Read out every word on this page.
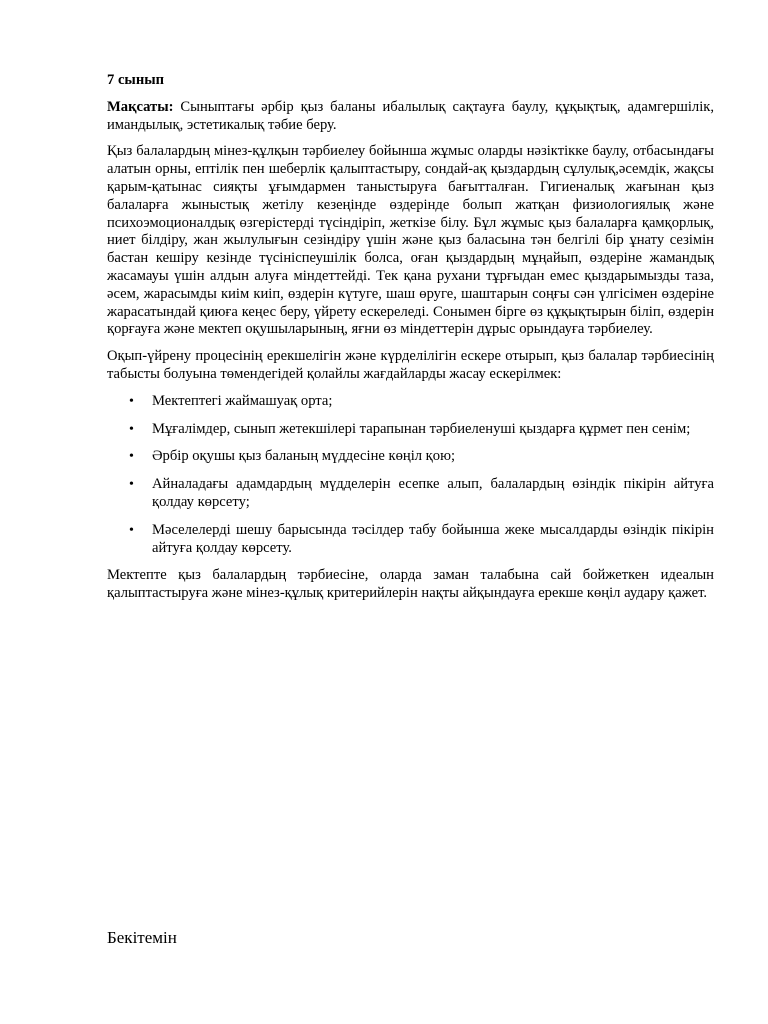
7 сынып

Мақсаты: Сыныптағы әрбір қыз баланы ибалылық сақтауға баулу, құқықтық, адамгершілік, имандылық, эстетикалық тәбие беру.

Қыз балалардың мінез-құлқын тәрбиелеу бойынша жұмыс оларды нәзіктікке баулу, отбасындағы алатын орны, ептілік пен шеберлік қалыптастыру, сондай-ақ қыздардың сұлулық,әсемдік, жақсы қарым-қатынас сияқты ұғымдармен таныстыруға бағытталған. Гигиеналық жағынан қыз балаларға жыныстық жетілу кезеңінде өздерінде болып жатқан физиологиялық және психоэмоционалдық өзгерістерді түсіндіріп, жеткізе білу. Бұл жұмыс қыз балаларға қамқорлық, ниет білдіру, жан жылулығын сезіндіру үшін және қыз баласына тән белгілі бір ұнату сезімін бастан кешіру кезінде түсініспеушілік болса, оған қыздардың мұңайып, өздеріне жамандық жасамауы үшін алдын алуға міндеттейді. Тек қана рухани тұрғыдан емес қыздарымызды таза, әсем, жарасымды киім киіп, өздерін күтуге, шаш өруге, шаштарын соңғы сән үлгісімен өздеріне жарасатындай қиюға кеңес беру, үйрету ескереледі. Сонымен бірге өз құқықтырын біліп, өздерін қорғауға және мектеп оқушыларының, яғни өз міндеттерін дұрыс орындауға тәрбиелеу.

Оқып-үйрену процесінің ерекшелігін және күрделілігін ескере отырып, қыз балалар тәрбиесінің табысты болуына төмендегідей қолайлы жағдайларды жасау ескерілмек:

• Мектептегі жаймашуақ орта;
• Мұғалімдер, сынып жетекшілері тарапынан тәрбиеленуші қыздарға құрмет пен сенім;
• Әрбір оқушы қыз баланың мүддесіне көңіл қою;
• Айналадағы адамдардың мүдделерін есепке алып, балалардың өзіндік пікірін айтуға қолдау көрсету;
• Мәселелерді шешу барысында тәсілдер табу бойынша жеке мысалдарды өзіндік пікірін айтуға қолдау көрсету.

Мектепте қыз балалардың тәрбиесіне, оларда заман талабына сай бойжеткен идеалын қалыптастыруға және мінез-құлық критерийлерін нақты айқындауға ерекше көңіл аудару қажет.

Бекітемін
